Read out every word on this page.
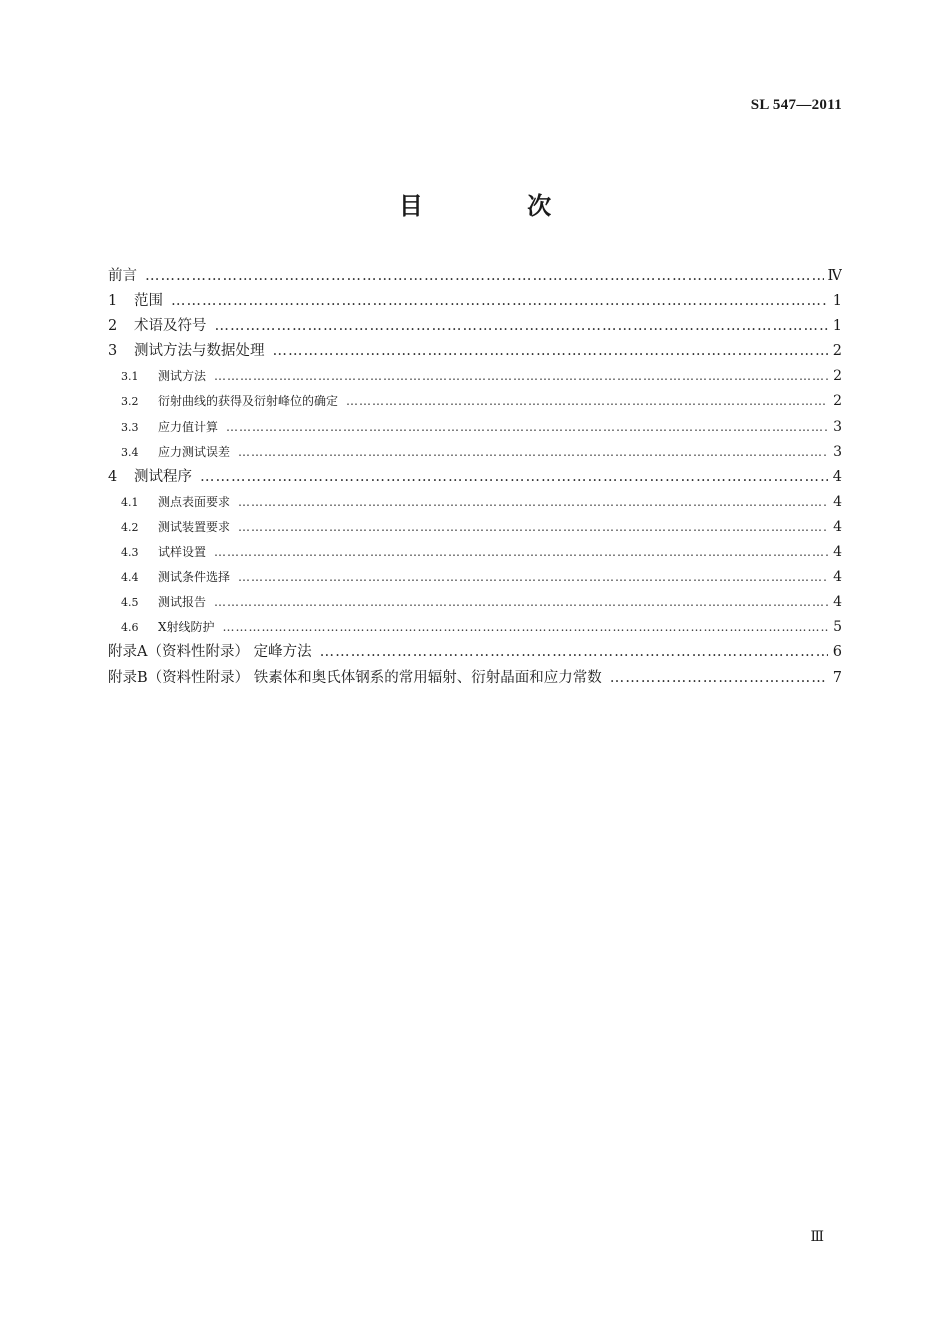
SL 547—2011
目 次
前言 ……………………………………………………………………………………………………………………………………………………………………………………	Ⅳ
1	范围 ……………………………………………………………………………………………………………………………………………………………………………………	1
2	术语及符号 ……………………………………………………………………………………………………………………………………………………………………………………	1
3	测试方法与数据处理 ……………………………………………………………………………………………………………………………………………………………………………………	2
3.1	测试方法 ……………………………………………………………………………………………………………………………………………………………………………………	2
3.2	衍射曲线的获得及衍射峰位的确定 ……………………………………………………………………………………………………………………………………………………………………………………	2
3.3	应力值计算 ……………………………………………………………………………………………………………………………………………………………………………………	3
3.4	应力测试误差 ……………………………………………………………………………………………………………………………………………………………………………………	3
4	测试程序 ……………………………………………………………………………………………………………………………………………………………………………………	4
4.1	测点表面要求 ……………………………………………………………………………………………………………………………………………………………………………………	4
4.2	测试装置要求 ……………………………………………………………………………………………………………………………………………………………………………………	4
4.3	试样设置 ……………………………………………………………………………………………………………………………………………………………………………………	4
4.4	测试条件选择 ……………………………………………………………………………………………………………………………………………………………………………………	4
4.5	测试报告 ……………………………………………………………………………………………………………………………………………………………………………………	4
4.6	X射线防护 ……………………………………………………………………………………………………………………………………………………………………………………	5
附录A（资料性附录） 定峰方法 ……………………………………………………………………………………………………………………………………………………………………………………	6
附录B（资料性附录） 铁素体和奥氏体钢系的常用辐射、衍射晶面和应力常数 ……………………………………………………………………………………………………………………………………………………………………………………	7
Ⅲ
